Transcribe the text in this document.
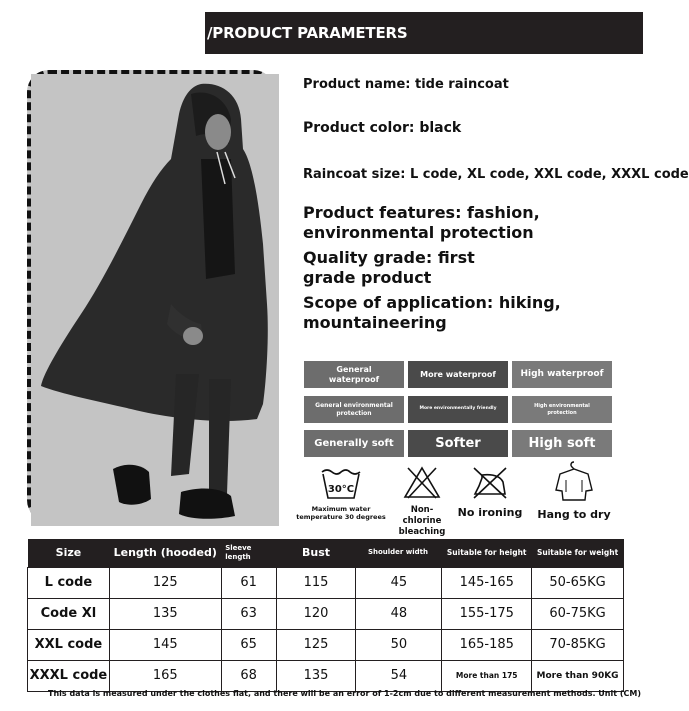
/PRODUCT PARAMETERS
Product name: tide raincoat
Product color: black
Raincoat size: L code, XL code, XXL code, XXXL code
Product features: fashion,
environmental protection
Quality grade: first
grade product
Scope of application: hiking,
mountaineering
General
waterproof
More waterproof	High waterproof
General environmental
protection
More environmentally friendly
High environmental
protection
Generally soft	Softer	High soft
30°C
Maximum water temperature 30 degrees
Non-chlorine bleaching
No ironing	Hang to dry
Size	Length (hooded)	Sleeve length	Bust	Shoulder width	Suitable for height	Suitable for weight
L code	125	61	115	45	145-165	50-65KG
Code Xl	135	63	120	48	155-175	60-75KG
XXL code	145	65	125	50	165-185	70-85KG
XXXL code	165	68	135	54	More than 175	More than 90KG
This data is measured under the clothes flat, and there will be an error of 1-2cm due to different measurement methods. Unit (CM)
